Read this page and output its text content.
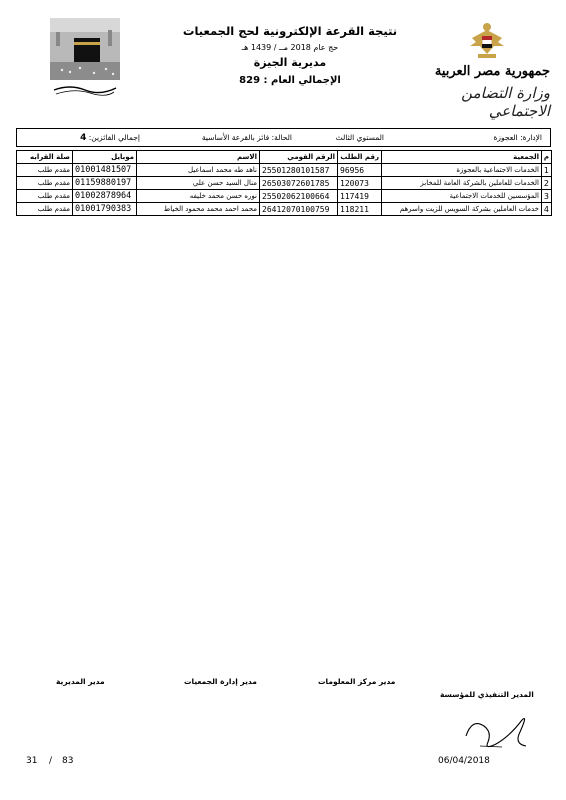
جمهورية مصر العربية
وزارة التضامن الاجتماعي
نتيجة القرعة الإلكترونية لحج الجمعيات
حج عام 2018 مــ / 1439 هـ
مديرية الجيزة
الإجمالي العام : 829
الإدارة: العجوزة
المستوي الثالث
الحالة: فائز بالقرعة الأساسية
إجمالي الفائزين: 4
م	الجمعية	رقم الطلب	الرقم القومي	الاسم	موبايل	صلة القرابه
1	الخدمات الاجتماعية بالعجوزة	96956	25501280101587	ناهد طه محمد اسماعيل	01001481507	مقدم طلب
2	الخدمات للعاملين بالشركة العامة للمخابز	120073	26503072601785	منال السيد حسن علي	01159880197	مقدم طلب
3	المؤسسين للخدمات الاجتماعية	117419	25502062100664	نوره حسن محمد خليفه	01002878964	مقدم طلب
4	خدمات العاملين بشركة السويس للزيت واسرهم	118211	26412070100759	محمد احمد محمد محمود الخياط	01001790383	مقدم طلب
مدير المديرية	مدير إدارة الجمعيات	مدير مركز المعلومات
المدير التنفيذي للمؤسسة
31 / 83	06/04/2018
